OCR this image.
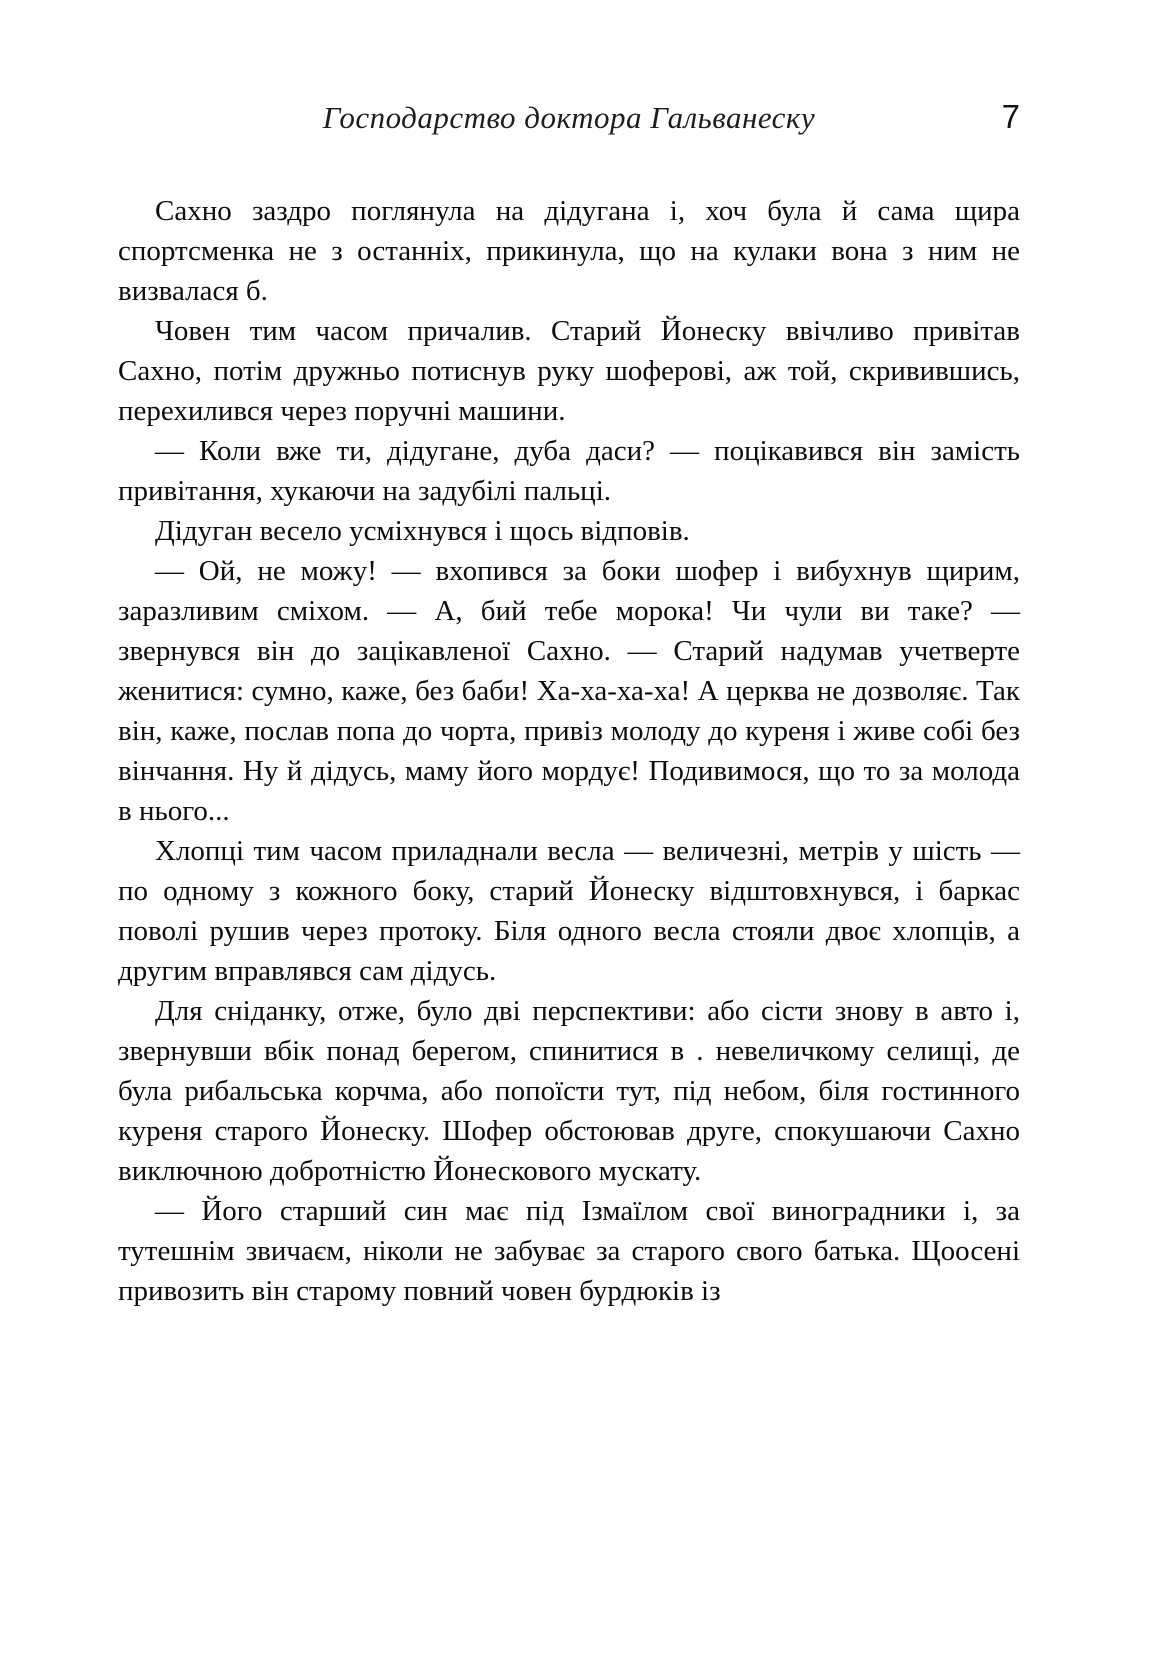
Господарство доктора Гальванеску	7

Сахно заздро поглянула на дідугана і, хоч була й сама щира спортсменка не з останніх, прикинула, що на кулаки вона з ним не визвалася б.

Човен тим часом причалив. Старий Йонеску ввічливо привітав Сахно, потім дружньо потиснув руку шоферові, аж той, скривившись, перехилився через поручні машини.

— Коли вже ти, дідугане, дуба даси? — поцікавився він замість привітання, хукаючи на задубілі пальці.

Дідуган весело усміхнувся і щось відповів.

— Ой, не можу! — вхопився за боки шофер і вибухнув щирим, заразливим сміхом. — А, бий тебе морока! Чи чули ви таке? — звернувся він до зацікавленої Сахно. — Старий надумав учетверте женитися: сумно, каже, без баби! Ха-ха-ха-ха! А церква не дозволяє. Так він, каже, послав попа до чорта, привіз молоду до куреня і живе собі без вінчання. Ну й дідусь, маму його мордує! Подивимося, що то за молода в нього...

Хлопці тим часом приладнали весла — величезні, метрів у шість — по одному з кожного боку, старий Йонеску відштовхнувся, і баркас поволі рушив через протоку. Біля одного весла стояли двоє хлопців, а другим вправлявся сам дідусь.

Для сніданку, отже, було дві перспективи: або сісти знову в авто і, звернувши вбік понад берегом, спинитися в . невеличкому селищі, де була рибальська корчма, або попоїсти тут, під небом, біля гостинного куреня старого Йонеску. Шофер обстоював друге, спокушаючи Сахно виключною добротністю Йонескового мускату.

— Його старший син має під Ізмаїлом свої виноградники і, за тутешнім звичаєм, ніколи не забуває за старого свого батька. Щоосені привозить він старому повний човен бурдюків із
